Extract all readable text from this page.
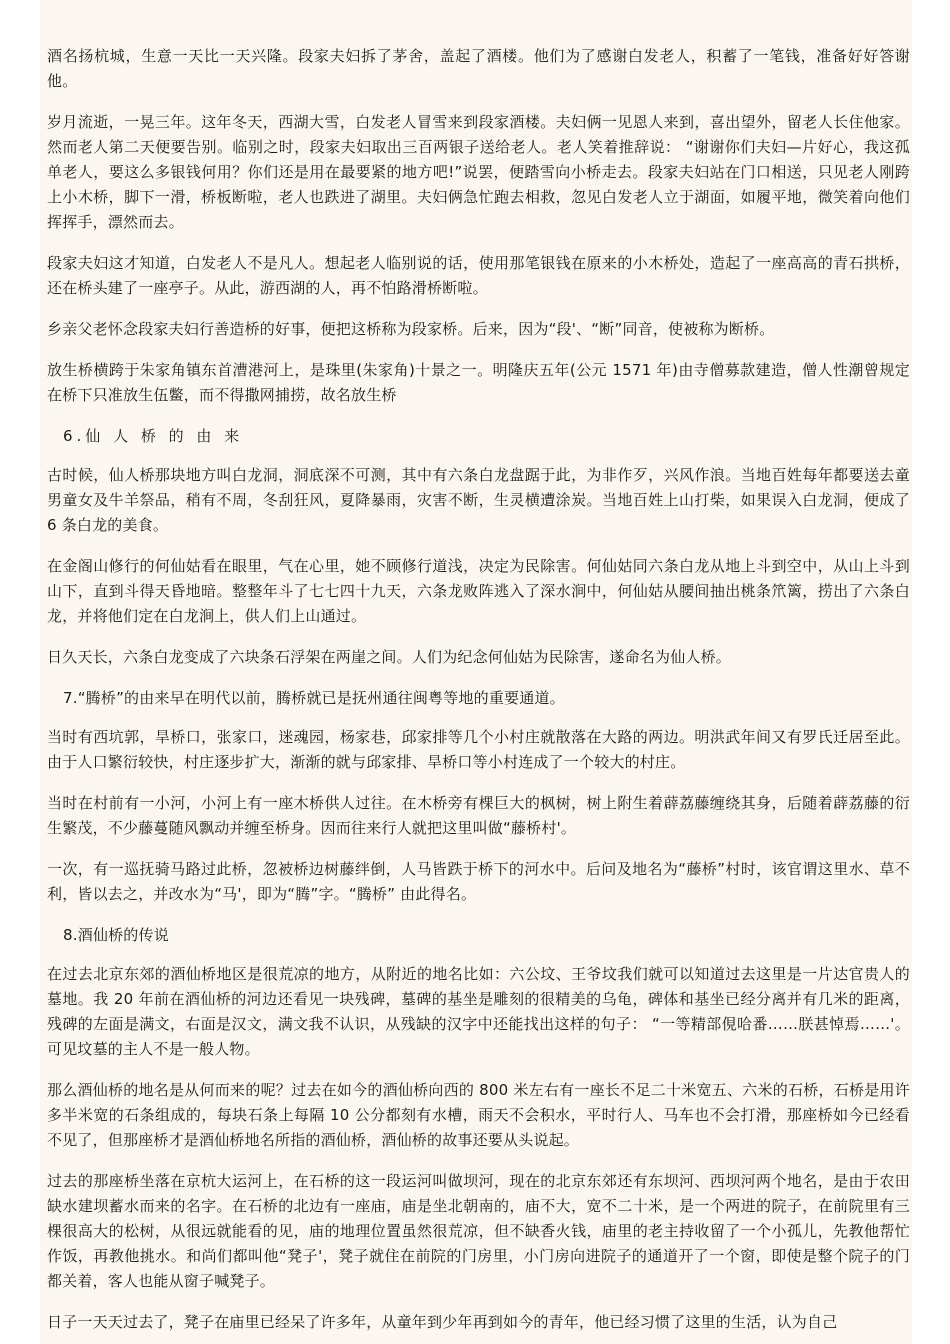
酒名扬杭城，生意一天比一天兴隆。段家夫妇拆了茅舍，盖起了酒楼。他们为了感谢白发老人，积蓄了一笔钱，准备好好答谢他。

岁月流逝，一晃三年。这年冬天，西湖大雪，白发老人冒雪来到段家酒楼。夫妇俩一见恩人来到，喜出望外，留老人长住他家。然而老人第二天便要告别。临别之时，段家夫妇取出三百两银子送给老人。老人笑着推辞说： “谢谢你们夫妇—片好心，我这孤单老人，要这么多银钱何用？你们还是用在最要紧的地方吧!”说罢，便踏雪向小桥走去。段家夫妇站在门口相送，只见老人刚跨上小木桥，脚下一滑，桥板断啦，老人也跌进了湖里。夫妇俩急忙跑去相救，忽见白发老人立于湖面，如履平地，微笑着向他们挥挥手，漂然而去。

段家夫妇这才知道，白发老人不是凡人。想起老人临别说的话，使用那笔银钱在原来的小木桥处，造起了一座高高的青石拱桥，还在桥头建了一座亭子。从此，游西湖的人，再不怕路滑桥断啦。

乡亲父老怀念段家夫妇行善造桥的好事，便把这桥称为段家桥。后来，因为“段'、“断”同音，使被称为断桥。

放生桥横跨于朱家角镇东首漕港河上，是珠里(朱家角)十景之一。明隆庆五年(公元 1571 年)由寺僧募款建造，僧人性潮曾规定在桥下只准放生伍鳖，而不得撒网捕捞，故名放生桥

6.仙 人 桥 的 由 来

古时候，仙人桥那块地方叫白龙洞，洞底深不可测，其中有六条白龙盘踞于此，为非作歹，兴风作浪。当地百姓每年都要送去童男童女及牛羊祭品，稍有不周，冬刮狂风，夏降暴雨，灾害不断，生灵横遭涂炭。当地百姓上山打柴，如果误入白龙洞，便成了 6 条白龙的美食。

在金阁山修行的何仙姑看在眼里，气在心里，她不顾修行道浅，决定为民除害。何仙姑同六条白龙从地上斗到空中，从山上斗到山下，直到斗得天昏地暗。整整年斗了七七四十九天，六条龙败阵逃入了深水涧中，何仙姑从腰间抽出桃条笊篱，捞出了六条白龙，并将他们定在白龙涧上，供人们上山通过。

日久天长，六条白龙变成了六块条石浮架在两崖之间。人们为纪念何仙姑为民除害，遂命名为仙人桥。

7.“腾桥”的由来早在明代以前，腾桥就已是抚州通往闽粤等地的重要通道。

当时有西坑郭，旱桥口，张家口，迷魂园，杨家巷，邱家排等几个小村庄就散落在大路的两边。明洪武年间又有罗氏迁居至此。由于人口繁衍较快，村庄逐步扩大，渐渐的就与邱家排、旱桥口等小村连成了一个较大的村庄。

当时在村前有一小河，小河上有一座木桥供人过往。在木桥旁有棵巨大的枫树，树上附生着薜荔藤缠绕其身，后随着薜荔藤的衍生繁茂，不少藤蔓随风飘动并缠至桥身。因而往来行人就把这里叫做“藤桥村'。

一次，有一巡抚骑马路过此桥，忽被桥边树藤绊倒，人马皆跌于桥下的河水中。后问及地名为“藤桥”村时，该官谓这里水、草不利，皆以去之，并改水为“马'，即为“腾”字。“腾桥” 由此得名。

8.酒仙桥的传说

在过去北京东郊的酒仙桥地区是很荒凉的地方，从附近的地名比如：六公坟、王爷坟我们就可以知道过去这里是一片达官贵人的墓地。我 20 年前在酒仙桥的河边还看见一块残碑，墓碑的基坐是雕刻的很精美的乌龟，碑体和基坐已经分离并有几米的距离，残碑的左面是满文，右面是汉文，满文我不认识，从残缺的汉字中还能找出这样的句子： “一等精部俔哈番……朕甚悼焉……'。可见坟墓的主人不是一般人物。

那么酒仙桥的地名是从何而来的呢？过去在如今的酒仙桥向西的 800 米左右有一座长不足二十米宽五、六米的石桥，石桥是用许多半米宽的石条组成的，每块石条上每隔 10 公分都刻有水槽，雨天不会积水，平时行人、马车也不会打滑，那座桥如今已经看不见了，但那座桥才是酒仙桥地名所指的酒仙桥，酒仙桥的故事还要从头说起。

过去的那座桥坐落在京杭大运河上，在石桥的这一段运河叫做坝河，现在的北京东郊还有东坝河、西坝河两个地名，是由于农田缺水建坝蓄水而来的名字。在石桥的北边有一座庙，庙是坐北朝南的，庙不大，宽不二十米，是一个两进的院子，在前院里有三棵很高大的松树，从很远就能看的见，庙的地理位置虽然很荒凉，但不缺香火钱，庙里的老主持收留了一个小孤儿，先教他帮忙作饭，再教他挑水。和尚们都叫他“凳子'，凳子就住在前院的门房里，小门房向进院子的通道开了一个窗，即使是整个院子的门都关着，客人也能从窗子喊凳子。

日子一天天过去了，凳子在庙里已经呆了许多年，从童年到少年再到如今的青年，他已经习惯了这里的生活，认为自己
